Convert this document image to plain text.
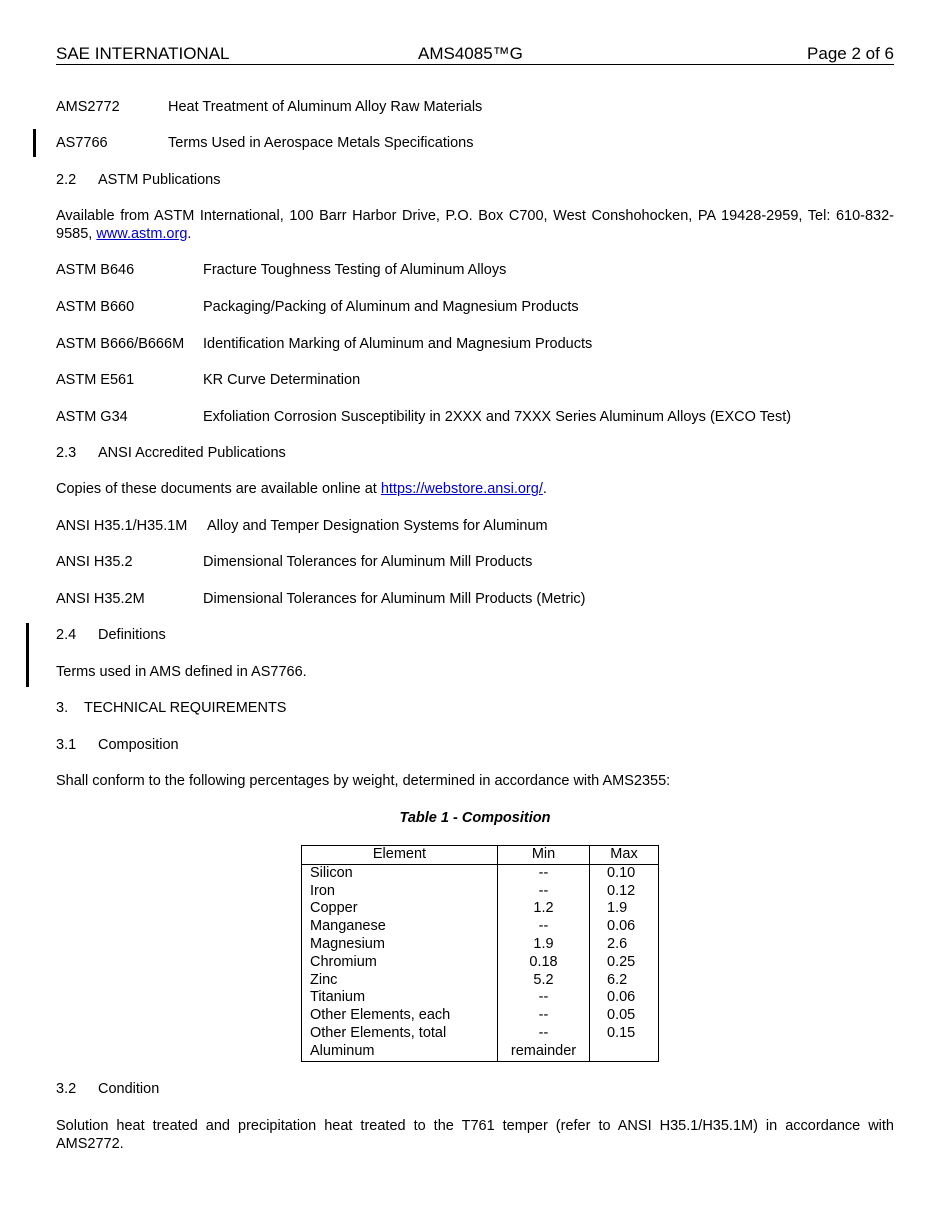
SAE INTERNATIONAL	AMS4085™G	Page 2 of 6
AMS2772	Heat Treatment of Aluminum Alloy Raw Materials
AS7766	Terms Used in Aerospace Metals Specifications
2.2 ASTM Publications
Available from ASTM International, 100 Barr Harbor Drive, P.O. Box C700, West Conshohocken, PA 19428-2959, Tel: 610-832-9585, www.astm.org.
ASTM B646	Fracture Toughness Testing of Aluminum Alloys
ASTM B660	Packaging/Packing of Aluminum and Magnesium Products
ASTM B666/B666M Identification Marking of Aluminum and Magnesium Products
ASTM E561	KR Curve Determination
ASTM G34	Exfoliation Corrosion Susceptibility in 2XXX and 7XXX Series Aluminum Alloys (EXCO Test)
2.3 ANSI Accredited Publications
Copies of these documents are available online at https://webstore.ansi.org/.
ANSI H35.1/H35.1M Alloy and Temper Designation Systems for Aluminum
ANSI H35.2	Dimensional Tolerances for Aluminum Mill Products
ANSI H35.2M	Dimensional Tolerances for Aluminum Mill Products (Metric)
2.4 Definitions
Terms used in AMS defined in AS7766.
3. TECHNICAL REQUIREMENTS
3.1 Composition
Shall conform to the following percentages by weight, determined in accordance with AMS2355:
Table 1 - Composition
Element	Min	Max
Silicon	--	0.10
Iron	--	0.12
Copper	1.2	1.9
Manganese	--	0.06
Magnesium	1.9	2.6
Chromium	0.18	0.25
Zinc	5.2	6.2
Titanium	--	0.06
Other Elements, each	--	0.05
Other Elements, total	--	0.15
Aluminum	remainder	
3.2 Condition
Solution heat treated and precipitation heat treated to the T761 temper (refer to ANSI H35.1/H35.1M) in accordance with AMS2772.
